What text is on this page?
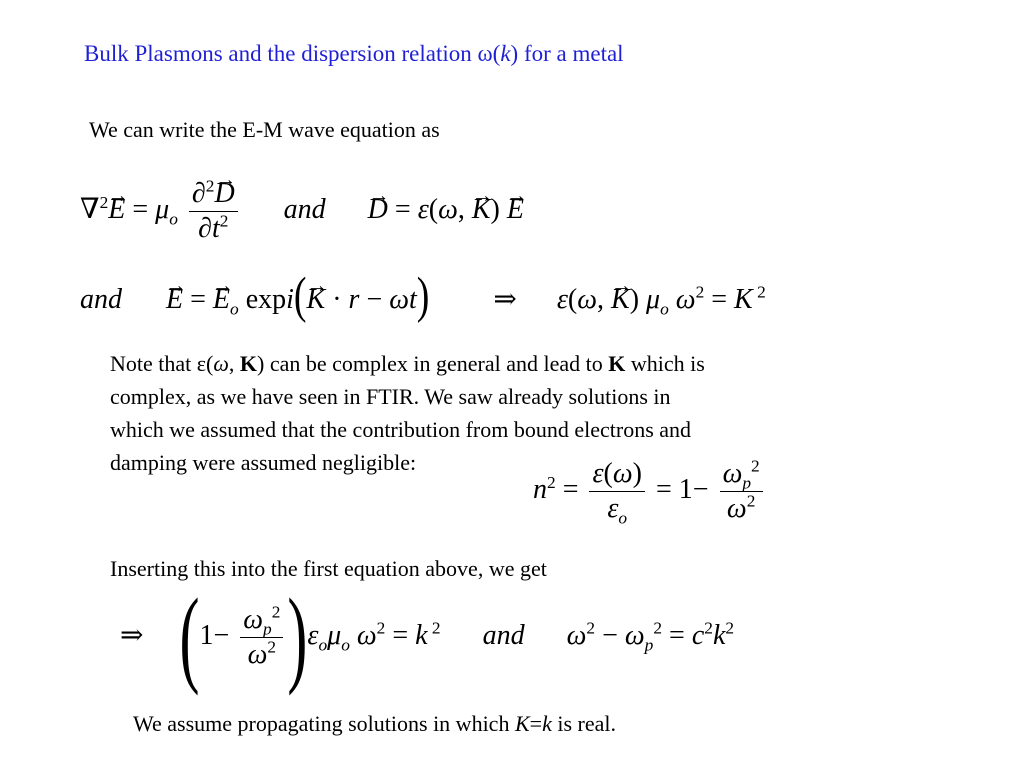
Bulk Plasmons and the dispersion relation ω(k) for a metal
We can write the E-M wave equation as
$\nabla^2\to E = \mu_o \frac{\partial^2\to D}{\partial t^2}$ and → D = ε(ω, → K) → E
and → E = → $E_o$ expi(→ K · r − ωt) ⇒  ε(ω, → K) $\mu_o$ $\omega^2 = K$ $^2$
Note that ε(ω, K) can be complex in general and lead to K which is
complex, as we have seen in FTIR. We saw already solutions in
which we assumed that the contribution from bound electrons and
damping were assumed negligible:
$n^2 = \frac{\varepsilon(\omega)}{\varepsilon_o} = 1- \frac{\omega_p^2}{\omega^2}$
Inserting this into the first equation above, we get
⇒ $(1- \frac{\omega_p^2}{\omega^2} )\varepsilon_o\mu_o$ $\omega^2 = k$ $^2$ and  $\omega^2 - \omega_p^2 = c^2k^2$
We assume propagating solutions in which K=k is real.
